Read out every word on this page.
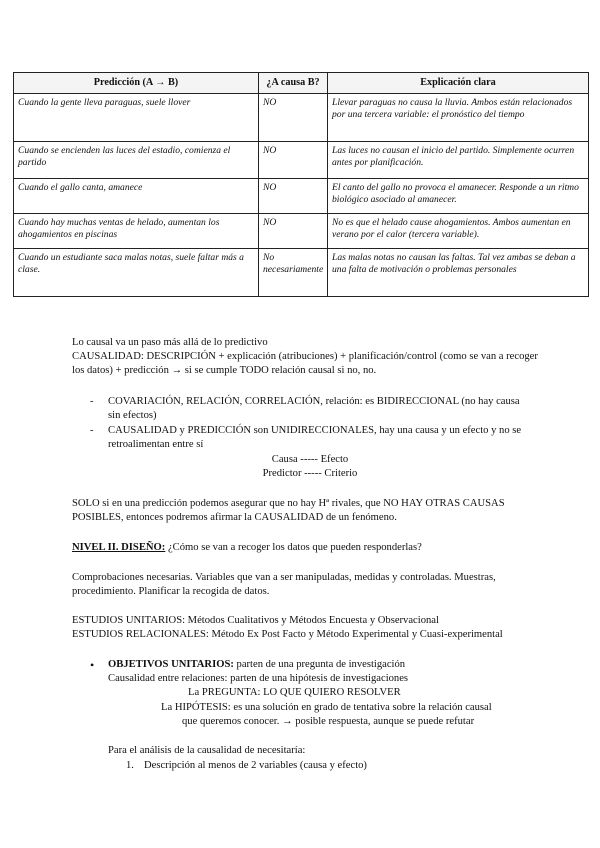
Predicción (A → B)	¿A causa B?	Explicación clara
Cuando la gente lleva paraguas, suele llover	NO	Llevar paraguas no causa la lluvia. Ambos están relacionados por una tercera variable: el pronóstico del tiempo
Cuando se encienden las luces del estadio, comienza el partido	NO	Las luces no causan el inicio del partido. Simplemente ocurren antes por planificación.
Cuando el gallo canta, amanece	NO	El canto del gallo no provoca el amanecer. Responde a un ritmo biológico asociado al amanecer.
Cuando hay muchas ventas de helado, aumentan los ahogamientos en piscinas	NO	No es que el helado cause ahogamientos. Ambos aumentan en verano por el calor (tercera variable).
Cuando un estudiante saca malas notas, suele faltar más a clase.	No necesariamente	Las malas notas no causan las faltas. Tal vez ambas se deban a una falta de motivación o problemas personales
Lo causal va un paso más allá de lo predictivo
CAUSALIDAD: DESCRIPCIÓN + explicación (atribuciones) + planificación/control (como se van a recoger los datos) + predicción → si se cumple TODO relación causal si no, no.
- COVARIACIÓN, RELACIÓN, CORRELACIÓN, relación: es BIDIRECCIONAL (no hay causa sin efectos)
- CAUSALIDAD y PREDICCIÓN son UNIDIRECCIONALES, hay una causa y un efecto y no se retroalimentan entre sí
Causa ----- Efecto
Predictor ----- Criterio
SOLO si en una predicción podemos asegurar que no hay Hª rivales, que NO HAY OTRAS CAUSAS POSIBLES, entonces podremos afirmar la CAUSALIDAD de un fenómeno.
NIVEL II. DISEÑO: ¿Cómo se van a recoger los datos que pueden responderlas?
Comprobaciones necesarias. Variables que van a ser manipuladas, medidas y controladas. Muestras, procedimiento. Planificar la recogida de datos.
ESTUDIOS UNITARIOS: Métodos Cualitativos y Métodos Encuesta y Observacional
ESTUDIOS RELACIONALES: Método Ex Post Facto y Método Experimental y Cuasi-experimental
• OBJETIVOS UNITARIOS: parten de una pregunta de investigación
Causalidad entre relaciones: parten de una hipótesis de investigaciones
La PREGUNTA: LO QUE QUIERO RESOLVER
La HIPÓTESIS: es una solución en grado de tentativa sobre la relación causal
que queremos conocer. → posible respuesta, aunque se puede refutar
Para el análisis de la causalidad de necesitaría:
1. Descripción al menos de 2 variables (causa y efecto)
